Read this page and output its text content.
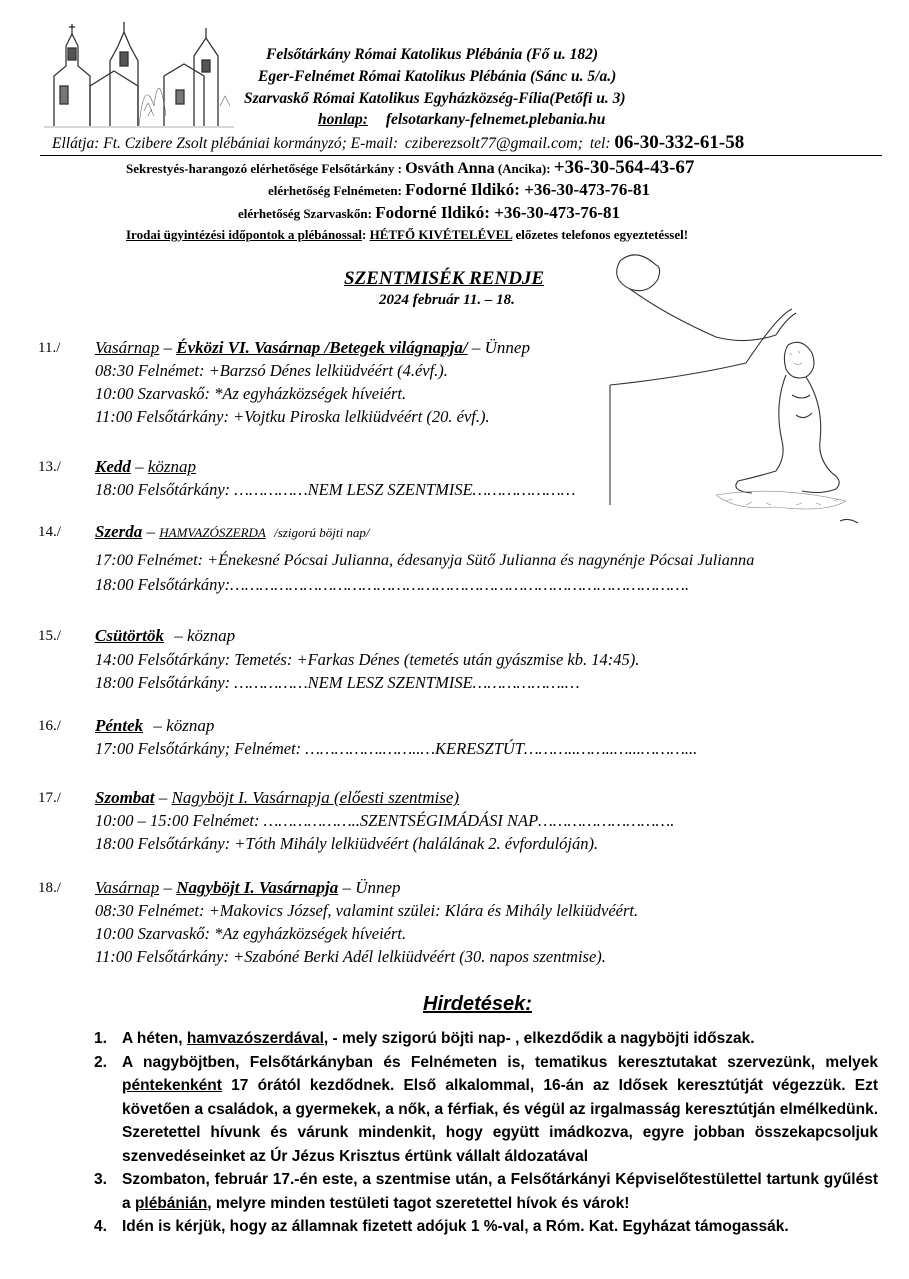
Felsőtárkány Római Katolikus Plébánia (Fő u. 182)
Eger-Felnémet Római Katolikus Plébánia (Sánc u. 5/a.)
Szarvaskő Római Katolikus Egyházközség-Fília(Petőfi u. 3)
honlap: felsotarkany-felnemet.plebania.hu
Ellátja: Ft. Czibere Zsolt plébániai kormányzó; E-mail: cziberezsolt77@gmail.com; tel: 06-30-332-61-58
Sekrestyés-harangozó elérhetősége Felsőtárkány : Osváth Anna (Ancika): +36-30-564-43-67
elérhetőség Felnémeten: Fodorné Ildikó: +36-30-473-76-81
elérhetőség Szarvaskőn: Fodorné Ildikó: +36-30-473-76-81
Irodai ügyintézési időpontok a plébánossal: HÉTFŐ KIVÉTELÉVEL előzetes telefonos egyeztetéssel!
SZENTMISÉK RENDJE
2024 február 11. – 18.
11./ Vasárnap – Évközi VI. Vasárnap /Betegek világnapja/ – Ünnep
08:30 Felnémet: +Barzsó Dénes lelkiüdvéért (4.évf.).
10:00 Szarvaskő: *Az egyházközségek híveiért.
11:00 Felsőtárkány: +Vojtku Piroska lelkiüdvéért (20. évf.).
13./ Kedd – köznap
18:00 Felsőtárkány: ……………NEM LESZ SZENTMISE…………………
14./ Szerda – HAMVAZÓSZERDA /szigorú böjti nap/
17:00 Felnémet: +Énekesné Pócsai Julianna, édesanyja Sütő Julianna és nagynénje Pócsai Julianna
18:00 Felsőtárkány:………………………………………………………………………………….
15./ Csütörtök – köznap
14:00 Felsőtárkány: Temetés: +Farkas Dénes (temetés után gyászmise kb. 14:45).
18:00 Felsőtárkány: ……………NEM LESZ SZENTMISE……………….…
16./ Péntek – köznap
17:00 Felsőtárkány; Felnémet: …………….……..…KERESZTÚT………..……..…...………...
17./ Szombat – Nagyböjt I. Vasárnapja (előesti szentmise)
10:00 – 15:00 Felnémet: ………………..SZENTSÉGIMÁDÁSI NAP……………………….
18:00 Felsőtárkány: +Tóth Mihály lelkiüdvéért (halálának 2. évfordulóján).
18./ Vasárnap – Nagyböjt I. Vasárnapja – Ünnep
08:30 Felnémet: +Makovics József, valamint szülei: Klára és Mihály lelkiüdvéért.
10:00 Szarvaskő: *Az egyházközségek híveiért.
11:00 Felsőtárkány: +Szabóné Berki Adél lelkiüdvéért (30. napos szentmise).
Hirdetések:
1. A héten, hamvazószerdával, - mely szigorú böjti nap- , elkezdődik a nagyböjti időszak.
2. A nagyböjtben, Felsőtárkányban és Felnémeten is, tematikus keresztutakat szervezünk, melyek péntekenként 17 órától kezdődnek. Első alkalommal, 16-án az Idősek keresztútját végezzük. Ezt követően a családok, a gyermekek, a nők, a férfiak, és végül az irgalmasság keresztútján elmélkedünk. Szeretettel hívunk és várunk mindenkit, hogy együtt imádkozva, egyre jobban összekapcsoljuk szenvedéseinket az Úr Jézus Krisztus értünk vállalt áldozatával
3. Szombaton, február 17.-én este, a szentmise után, a Felsőtárkányi Képviselőtestülettel tartunk gyűlést a plébánián, melyre minden testületi tagot szeretettel hívok és várok!
4. Idén is kérjük, hogy az államnak fizetett adójuk 1 %-val, a Róm. Kat. Egyházat támogassák.
